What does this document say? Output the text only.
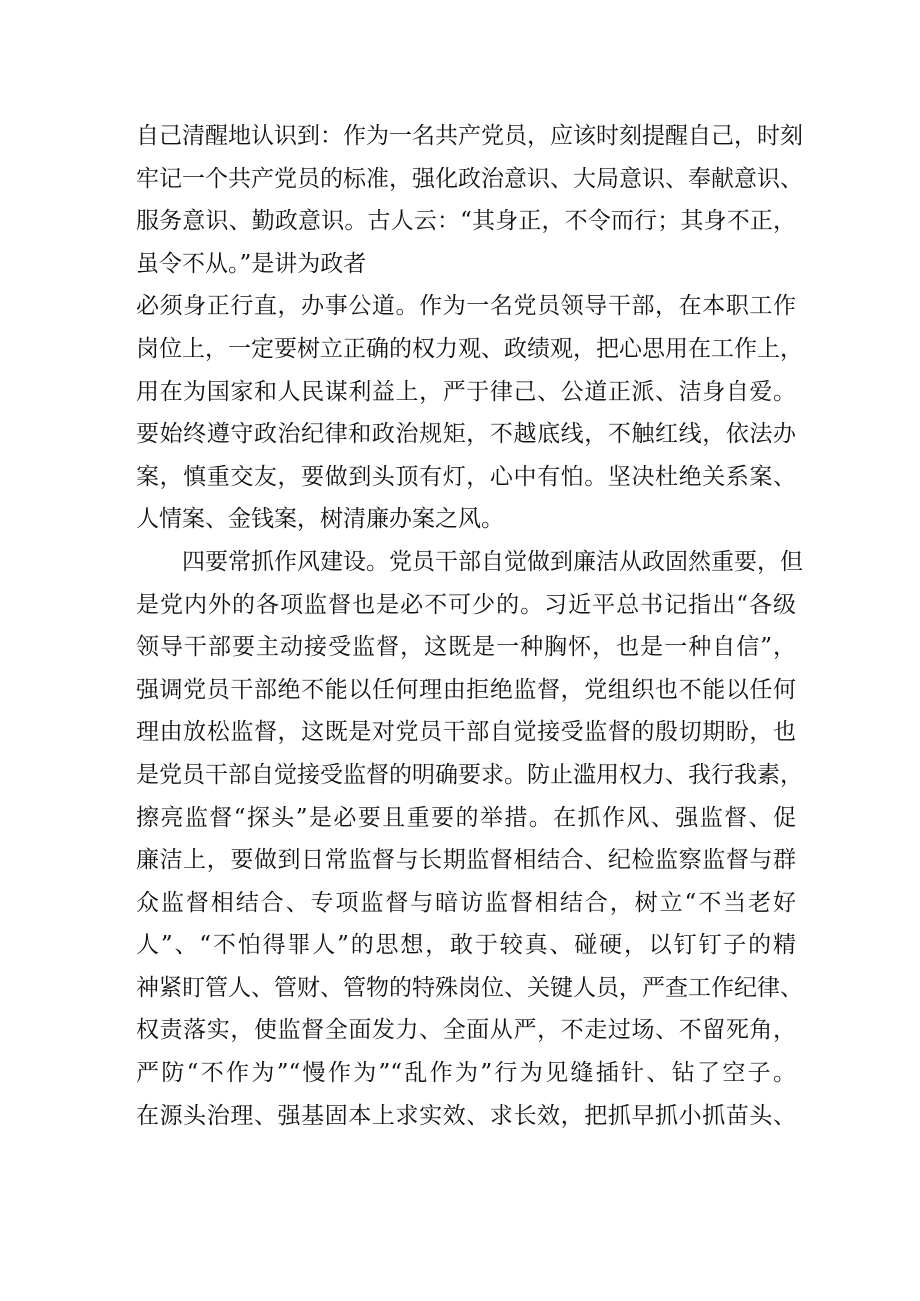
自己清醒地认识到：作为一名共产党员，应该时刻提醒自己，时刻
牢记一个共产党员的标准，强化政治意识、大局意识、奉献意识、
服务意识、勤政意识。古人云：“其身正，不令而行；其身不正，
虽令不从。”是讲为政者
必须身正行直，办事公道。作为一名党员领导干部，在本职工作
岗位上，一定要树立正确的权力观、政绩观，把心思用在工作上，
用在为国家和人民谋利益上，严于律己、公道正派、洁身自爱。
要始终遵守政治纪律和政治规矩，不越底线，不触红线，依法办
案，慎重交友，要做到头顶有灯，心中有怕。坚决杜绝关系案、
人情案、金钱案，树清廉办案之风。
四要常抓作风建设。党员干部自觉做到廉洁从政固然重要，但
是党内外的各项监督也是必不可少的。习近平总书记指出“各级
领导干部要主动接受监督，这既是一种胸怀，也是一种自信”，
强调党员干部绝不能以任何理由拒绝监督，党组织也不能以任何
理由放松监督，这既是对党员干部自觉接受监督的殷切期盼，也
是党员干部自觉接受监督的明确要求。防止滥用权力、我行我素，
擦亮监督“探头”是必要且重要的举措。在抓作风、强监督、促
廉洁上，要做到日常监督与长期监督相结合、纪检监察监督与群
众监督相结合、专项监督与暗访监督相结合，树立“不当老好
人”、“不怕得罪人”的思想，敢于较真、碰硬，以钉钉子的精
神紧盯管人、管财、管物的特殊岗位、关键人员，严查工作纪律、
权责落实，使监督全面发力、全面从严，不走过场、不留死角，
严防“不作为”“慢作为”“乱作为”行为见缝插针、钻了空子。
在源头治理、强基固本上求实效、求长效，把抓早抓小抓苗头、
